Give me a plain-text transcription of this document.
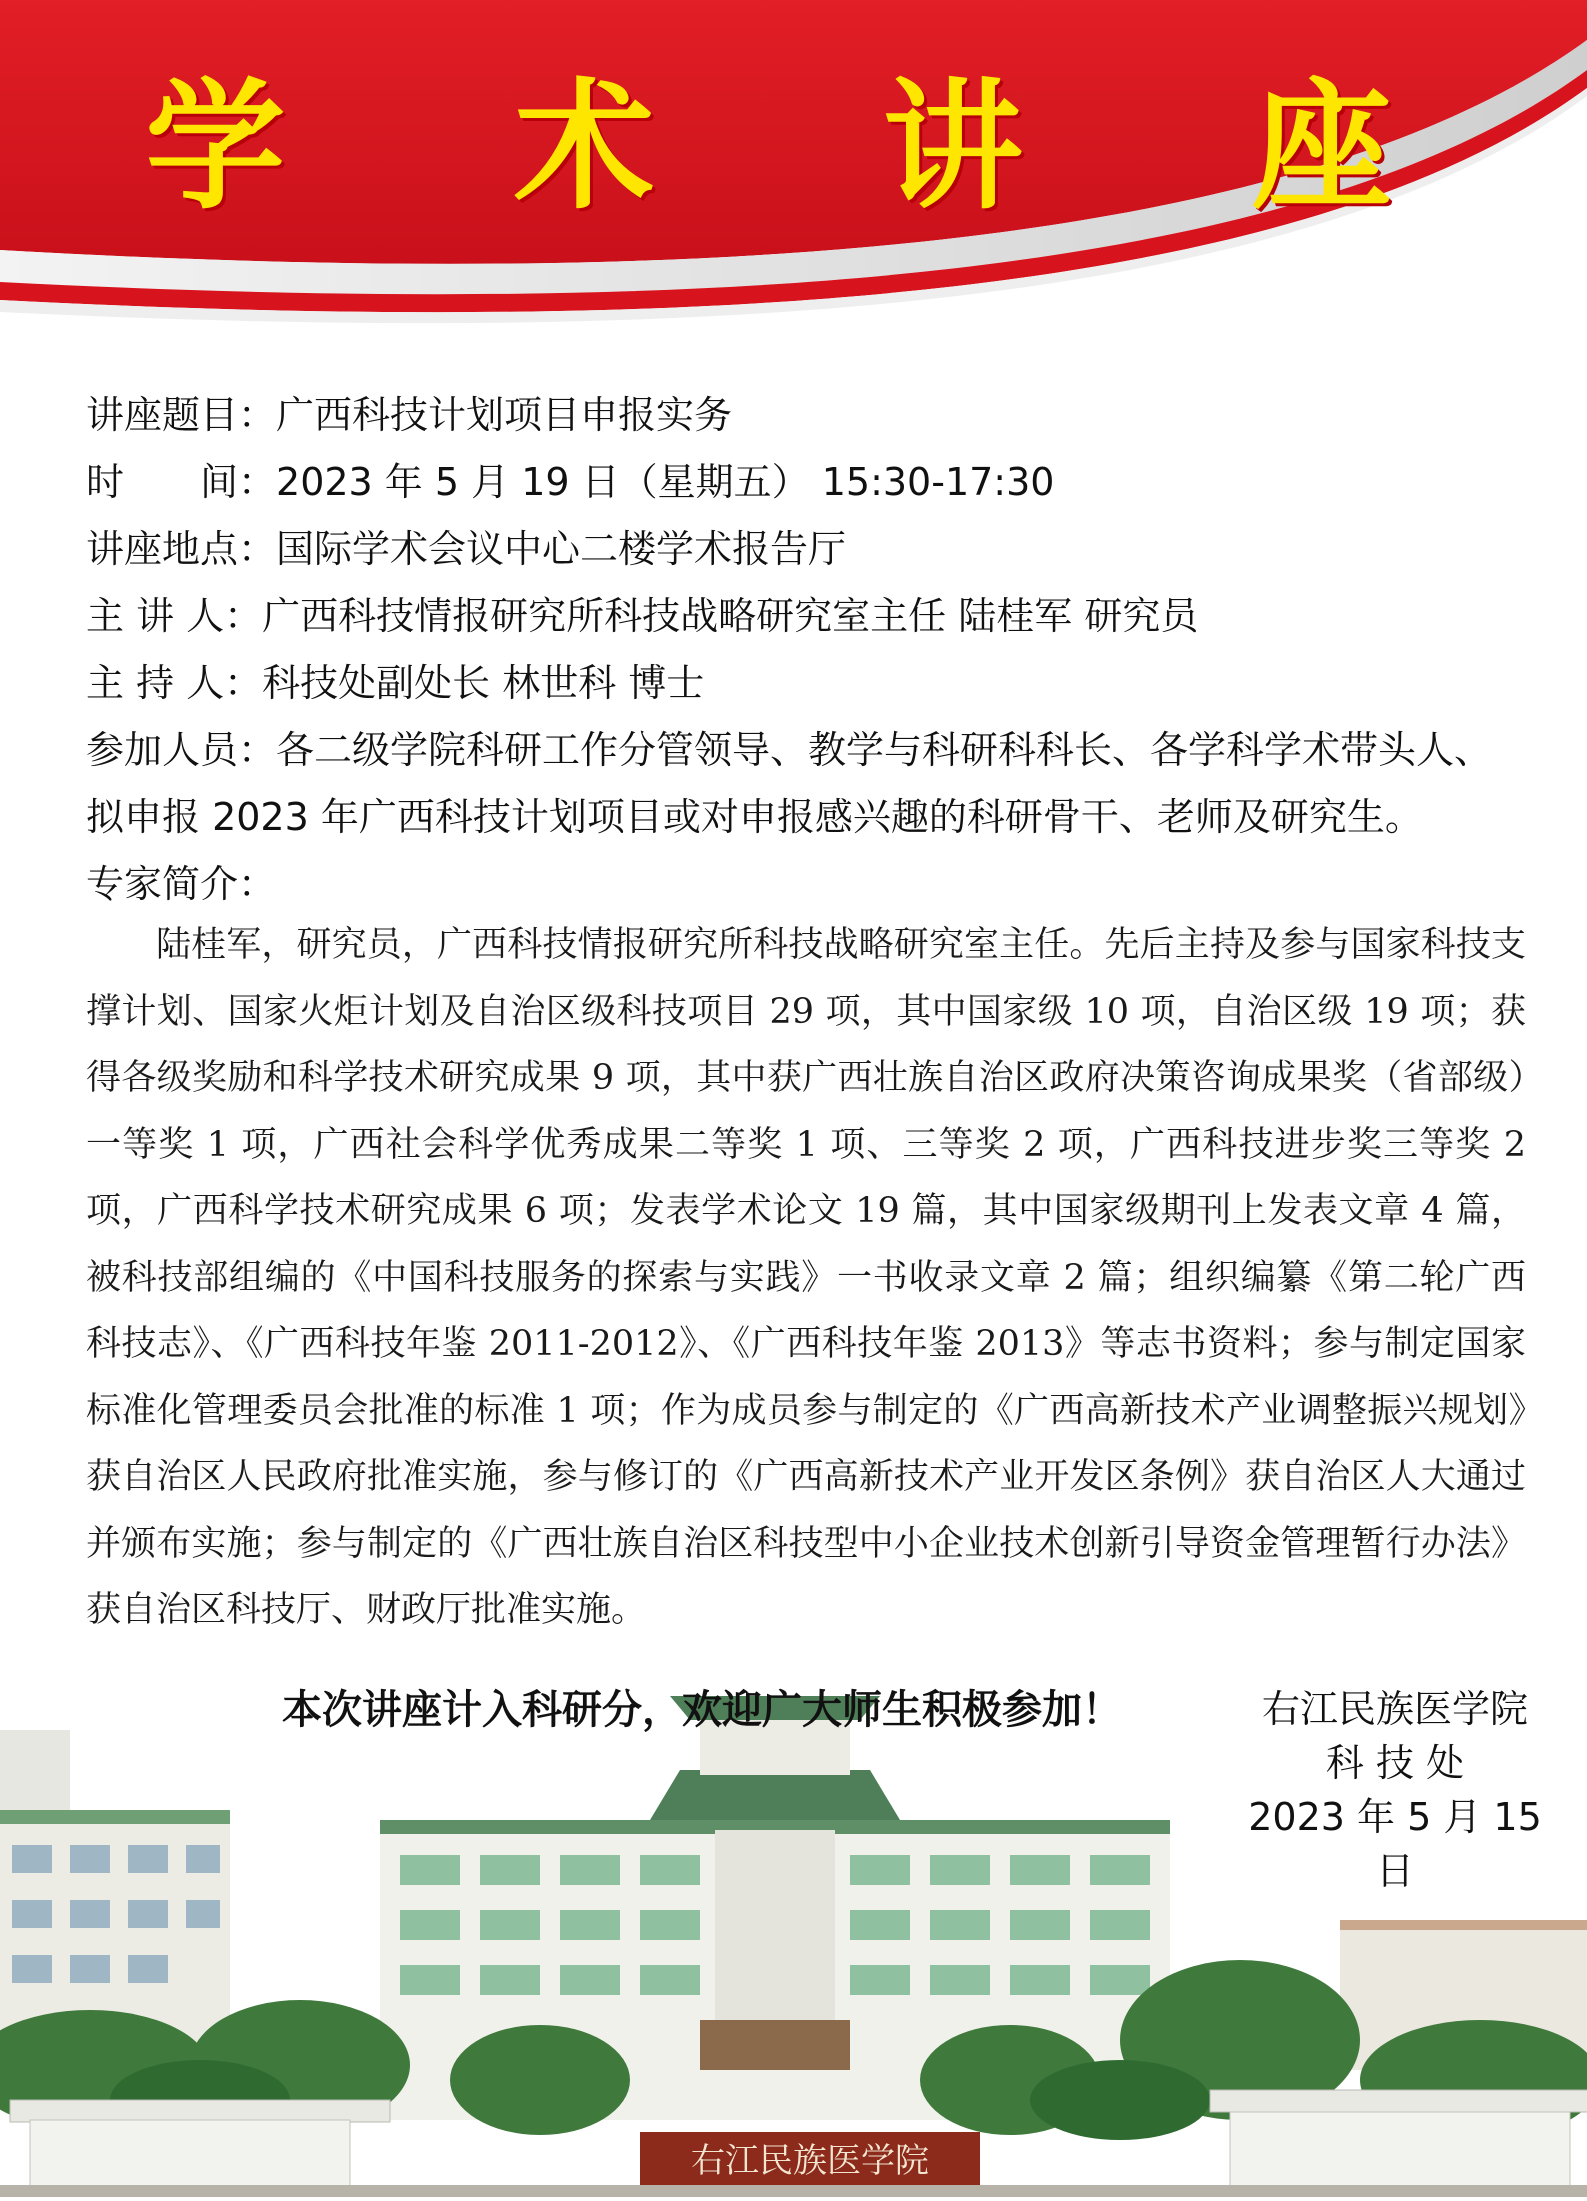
学 术 讲 座
讲座题目：广西科技计划项目申报实务
时　　间：2023 年 5 月 19 日（星期五） 15:30-17:30
讲座地点：国际学术会议中心二楼学术报告厅
主 讲 人：广西科技情报研究所科技战略研究室主任 陆桂军 研究员
主 持 人：科技处副处长 林世科 博士
参加人员：各二级学院科研工作分管领导、教学与科研科科长、各学科学术带头人、拟申报 2023 年广西科技计划项目或对申报感兴趣的科研骨干、老师及研究生。
专家简介：
陆桂军，研究员，广西科技情报研究所科技战略研究室主任。先后主持及参与国家科技支撑计划、国家火炬计划及自治区级科技项目 29 项，其中国家级 10 项，自治区级 19 项；获得各级奖励和科学技术研究成果 9 项，其中获广西壮族自治区政府决策咨询成果奖（省部级）一等奖 1 项，广西社会科学优秀成果二等奖 1 项、三等奖 2 项，广西科技进步奖三等奖 2 项，广西科学技术研究成果 6 项；发表学术论文 19 篇，其中国家级期刊上发表文章 4 篇，被科技部组编的《中国科技服务的探索与实践》一书收录文章 2 篇；组织编纂《第二轮广西科技志》、《广西科技年鉴 2011-2012》、《广西科技年鉴 2013》等志书资料；参与制定国家标准化管理委员会批准的标准 1 项；作为成员参与制定的《广西高新技术产业调整振兴规划》获自治区人民政府批准实施，参与修订的《广西高新技术产业开发区条例》获自治区人大通过并颁布实施；参与制定的《广西壮族自治区科技型中小企业技术创新引导资金管理暂行办法》获自治区科技厅、财政厅批准实施。
右江民族医学院
本次讲座计入科研分，欢迎广大师生积极参加！	右江民族医学院
科 技 处
2023 年 5 月 15 日
